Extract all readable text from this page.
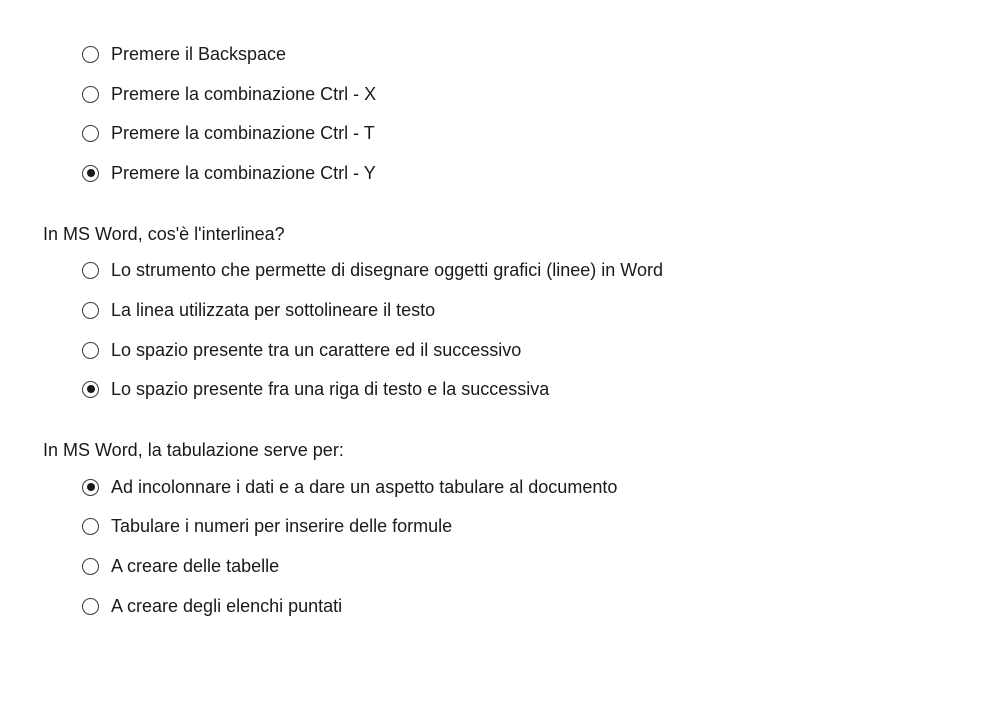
Premere il Backspace
Premere la combinazione Ctrl - X
Premere la combinazione Ctrl - T
Premere la combinazione Ctrl - Y
In MS Word, cos'è l'interlinea?
Lo strumento che permette di disegnare oggetti grafici (linee) in Word
La linea utilizzata per sottolineare il testo
Lo spazio presente tra un carattere ed il successivo
Lo spazio presente fra una riga di testo e la successiva
In MS Word, la tabulazione serve per:
Ad incolonnare i dati e a dare un aspetto tabulare al documento
Tabulare i numeri per inserire delle formule
A creare delle tabelle
A creare degli elenchi puntati
